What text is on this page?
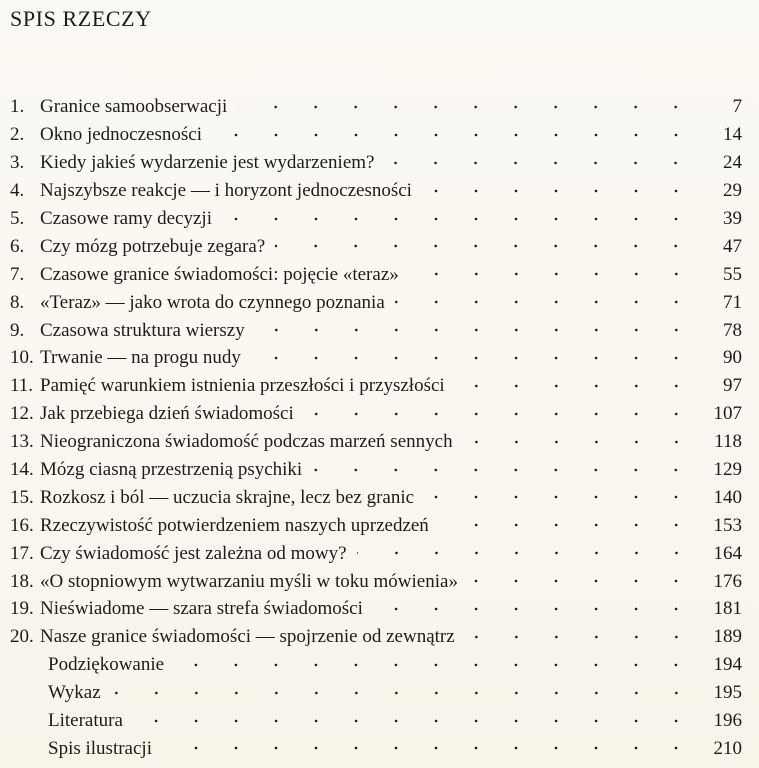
SPIS RZECZY
1. Granice samoobserwacji	7
2. Okno jednoczesności	14
3. Kiedy jakieś wydarzenie jest wydarzeniem?	24
4. Najszybsze reakcje — i horyzont jednoczesności	29
5. Czasowe ramy decyzji	39
6. Czy mózg potrzebuje zegara?	47
7. Czasowe granice świadomości: pojęcie «teraz»	55
8. «Teraz» — jako wrota do czynnego poznania	71
9. Czasowa struktura wierszy	78
10. Trwanie — na progu nudy	90
11. Pamięć warunkiem istnienia przeszłości i przyszłości	97
12. Jak przebiega dzień świadomości	107
13. Nieograniczona świadomość podczas marzeń sennych	118
14. Mózg ciasną przestrzenią psychiki	129
15. Rozkosz i ból — uczucia skrajne, lecz bez granic	140
16. Rzeczywistość potwierdzeniem naszych uprzedzeń	153
17. Czy świadomość jest zależna od mowy?	164
18. «O stopniowym wytwarzaniu myśli w toku mówienia»	176
19. Nieświadome — szara strefa świadomości	181
20. Nasze granice świadomości — spojrzenie od zewnątrz	189
Podziękowanie	194
Wykaz	195
Literatura	196
Spis ilustracji	210
